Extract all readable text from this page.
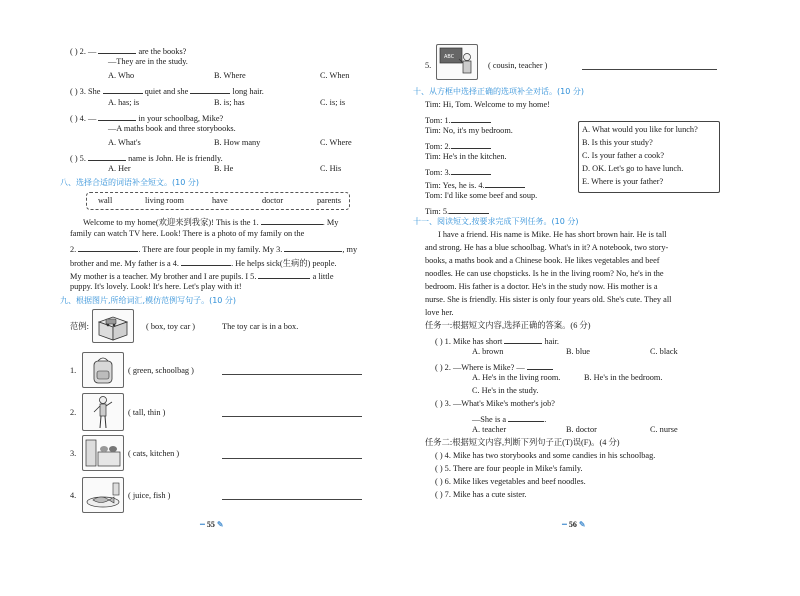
( ) 2. —	are the books?
—They are in the study.
A. Who	B. Where	C. When
( ) 3. She	quiet and she	long hair.
A. has; is	B. is; has	C. is; is
( ) 4. —	in your schoolbag, Mike?
—A maths book and three storybooks.
A. What's	B. How many	C. Where
( ) 5.	name is John. He is friendly.
A. Her	B. He	C. His
八、选择合适的词语补全短文。(10 分)
wall	living room	have	doctor	parents
Welcome to my home(欢迎来到我家)! This is the 1.	. My
family can watch TV here. Look! There is a photo of my family on the
2.	. There are four people in my family. My 3.	, my
brother and me. My father is a 4.	. He helps sick(生病的) people.
My mother is a teacher. My brother and I are pupils. I 5.	a little
puppy. It's lovely. Look! It's here. Let's play with it!
九、根据图片,所给词汇,模仿范例写句子。(10 分)
范例:	( box, toy car )	The toy car is in a box.
1.	( green, schoolbag )
2.	( tall, thin )
3.	( cats, kitchen )
4.	( juice, fish )
━ 55 ✎
5.
ABC
( cousin, teacher )
十、从方框中选择正确的选项补全对话。(10 分)
Tim: Hi, Tom. Welcome to my home!
Tom: 1.
Tim: No, it's my bedroom.
Tom: 2.
Tim: He's in the kitchen.
Tom: 3.
Tim: Yes, he is. 4.
Tom: I'd like some beef and soup.
Tim: 5.
A. What would you like for lunch?
B. Is this your study?
C. Is your father a cook?
D. OK. Let's go to have lunch.
E. Where is your father?
十一、阅读短文,按要求完成下列任务。(10 分)
I have a friend. His name is Mike. He has short brown hair. He is tall
and strong. He has a blue schoolbag. What's in it? A notebook, two story-
books, a maths book and a Chinese book. He likes vegetables and beef
noodles. He can use chopsticks. Is he in the living room? No, he's in the
bedroom. His father is a doctor. He's in the study now. His mother is a
nurse. She is friendly. His sister is only four years old. She's cute. They all
love her.
任务一:根据短文内容,选择正确的答案。(6 分)
( ) 1. Mike has short	hair.
A. brown	B. blue	C. black
( ) 2. —Where is Mike? —
A. He's in the living room.	B. He's in the bedroom.
C. He's in the study.
( ) 3. —What's Mike's mother's job?
—She is a	.
A. teacher	B. doctor	C. nurse
任务二:根据短文内容,判断下列句子正(T)误(F)。(4 分)
( ) 4. Mike has two storybooks and some candies in his schoolbag.
( ) 5. There are four people in Mike's family.
( ) 6. Mike likes vegetables and beef noodles.
( ) 7. Mike has a cute sister.
━ 56 ✎
